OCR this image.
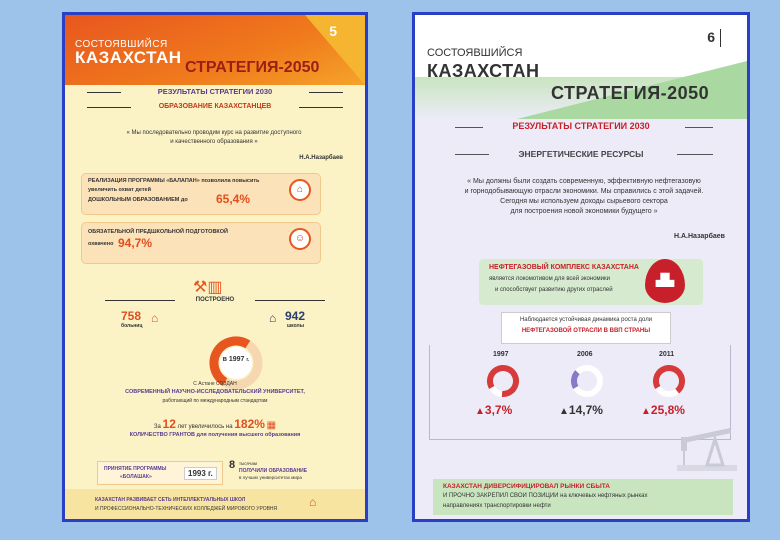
5
СОСТОЯВШИЙСЯ
КАЗАХСТАН
СТРАТЕГИЯ-2050
РЕЗУЛЬТАТЫ СТРАТЕГИИ 2030
ОБРАЗОВАНИЕ КАЗАХСТАНЦЕВ
« Мы последовательно проводим курс на развитие доступного
и качественного образования »
Н.А.Назарбаев
РЕАЛИЗАЦИЯ ПРОГРАММЫ «БАЛАПАН» позволила повысить
увеличить охват детей
ДОШКОЛЬНЫМ ОБРАЗОВАНИЕМ до 65,4%
⌂
ОБЯЗАТЕЛЬНОЙ ПРЕДШКОЛЬНОЙ ПОДГОТОВКОЙ
охвачено 94,7%	☺
⚒▥
ПОСТРОЕНО
758
больниц
⌂	⌂ 942
школы
в 1997 г.
С Астане СОЗДАН
СОВРЕМЕННЫЙ НАУЧНО-ИССЛЕДОВАТЕЛЬСКИЙ УНИВЕРСИТЕТ,
работающий по международным стандартам
За 12 лет увеличилось на 182% ▦
КОЛИЧЕСТВО ГРАНТОВ для получения высшего образования
ПРИНЯТИЕ ПРОГРАММЫ
«БОЛАШАК»	1993 г.
8 тысячам
ПОЛУЧИЛИ ОБРАЗОВАНИЕ
в лучших университетах мира
КАЗАХСТАН РАЗВИВАЕТ СЕТЬ ИНТЕЛЛЕКТУАЛЬНЫХ ШКОЛ
И ПРОФЕССИОНАЛЬНО-ТЕХНИЧЕСКИХ КОЛЛЕДЖЕЙ МИРОВОГО УРОВНЯ	⌂
6
СОСТОЯВШИЙСЯ
КАЗАХСТАН
СТРАТЕГИЯ-2050
РЕЗУЛЬТАТЫ СТРАТЕГИИ 2030
ЭНЕРГЕТИЧЕСКИЕ РЕСУРСЫ
« Мы должны были создать современную, эффективную нефтегазовую
и горнодобывающую отрасли экономики. Мы справились с этой задачей.
Сегодня мы используем доходы сырьевого сектора
для построения новой экономики будущего »
Н.А.Назарбаев
НЕФТЕГАЗОВЫЙ КОМПЛЕКС КАЗАХСТАНА
является локомотивом для всей экономики
и способствует развитию других отраслей
▟▙
Наблюдается устойчивая динамика роста доли
НЕФТЕГАЗОВОЙ ОТРАСЛИ В ВВП СТРАНЫ
КАЗАХСТАН ДИВЕРСИФИЦИРОВАЛ РЫНКИ СБЫТА
И ПРОЧНО ЗАКРЕПИЛ СВОИ ПОЗИЦИИ на ключевых нефтяных рынках
направлениях транспортировки нефти
1997
▲3,7%
2006
▲14,7%
2011
▲25,8%
